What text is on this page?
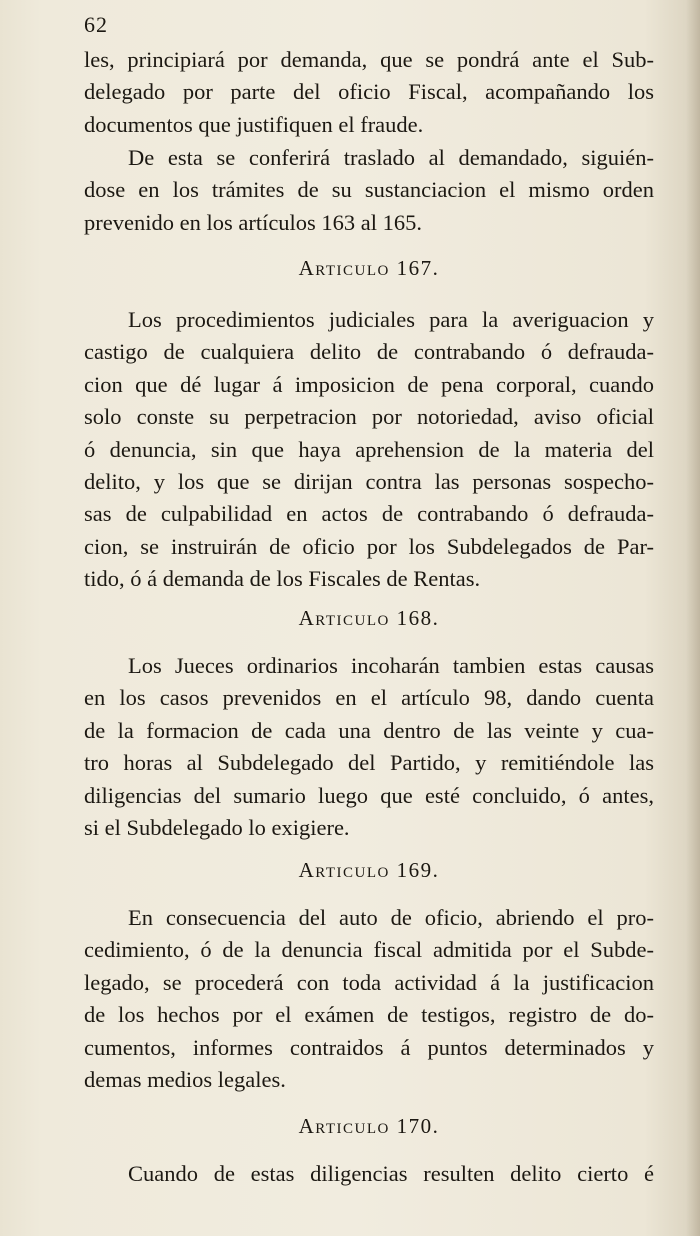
62
les, principiará por demanda, que se pondrá ante el Sub-
delegado por parte del oficio Fiscal, acompañando los
documentos que justifiquen el fraude.
De esta se conferirá traslado al demandado, siguién-
dose en los trámites de su sustanciacion el mismo orden
prevenido en los artículos 163 al 165.
Articulo 167.
Los procedimientos judiciales para la averiguacion y
castigo de cualquiera delito de contrabando ó defrauda-
cion que dé lugar á imposicion de pena corporal, cuando
solo conste su perpetracion por notoriedad, aviso oficial
ó denuncia, sin que haya aprehension de la materia del
delito, y los que se dirijan contra las personas sospecho-
sas de culpabilidad en actos de contrabando ó defrauda-
cion, se instruirán de oficio por los Subdelegados de Par-
tido, ó á demanda de los Fiscales de Rentas.
Articulo 168.
Los Jueces ordinarios incoharán tambien estas causas
en los casos prevenidos en el artículo 98, dando cuenta
de la formacion de cada una dentro de las veinte y cua-
tro horas al Subdelegado del Partido, y remitiéndole las
diligencias del sumario luego que esté concluido, ó antes,
si el Subdelegado lo exigiere.
Articulo 169.
En consecuencia del auto de oficio, abriendo el pro-
cedimiento, ó de la denuncia fiscal admitida por el Subde-
legado, se procederá con toda actividad á la justificacion
de los hechos por el exámen de testigos, registro de do-
cumentos, informes contraidos á puntos determinados y
demas medios legales.
Articulo 170.
Cuando de estas diligencias resulten delito cierto é
